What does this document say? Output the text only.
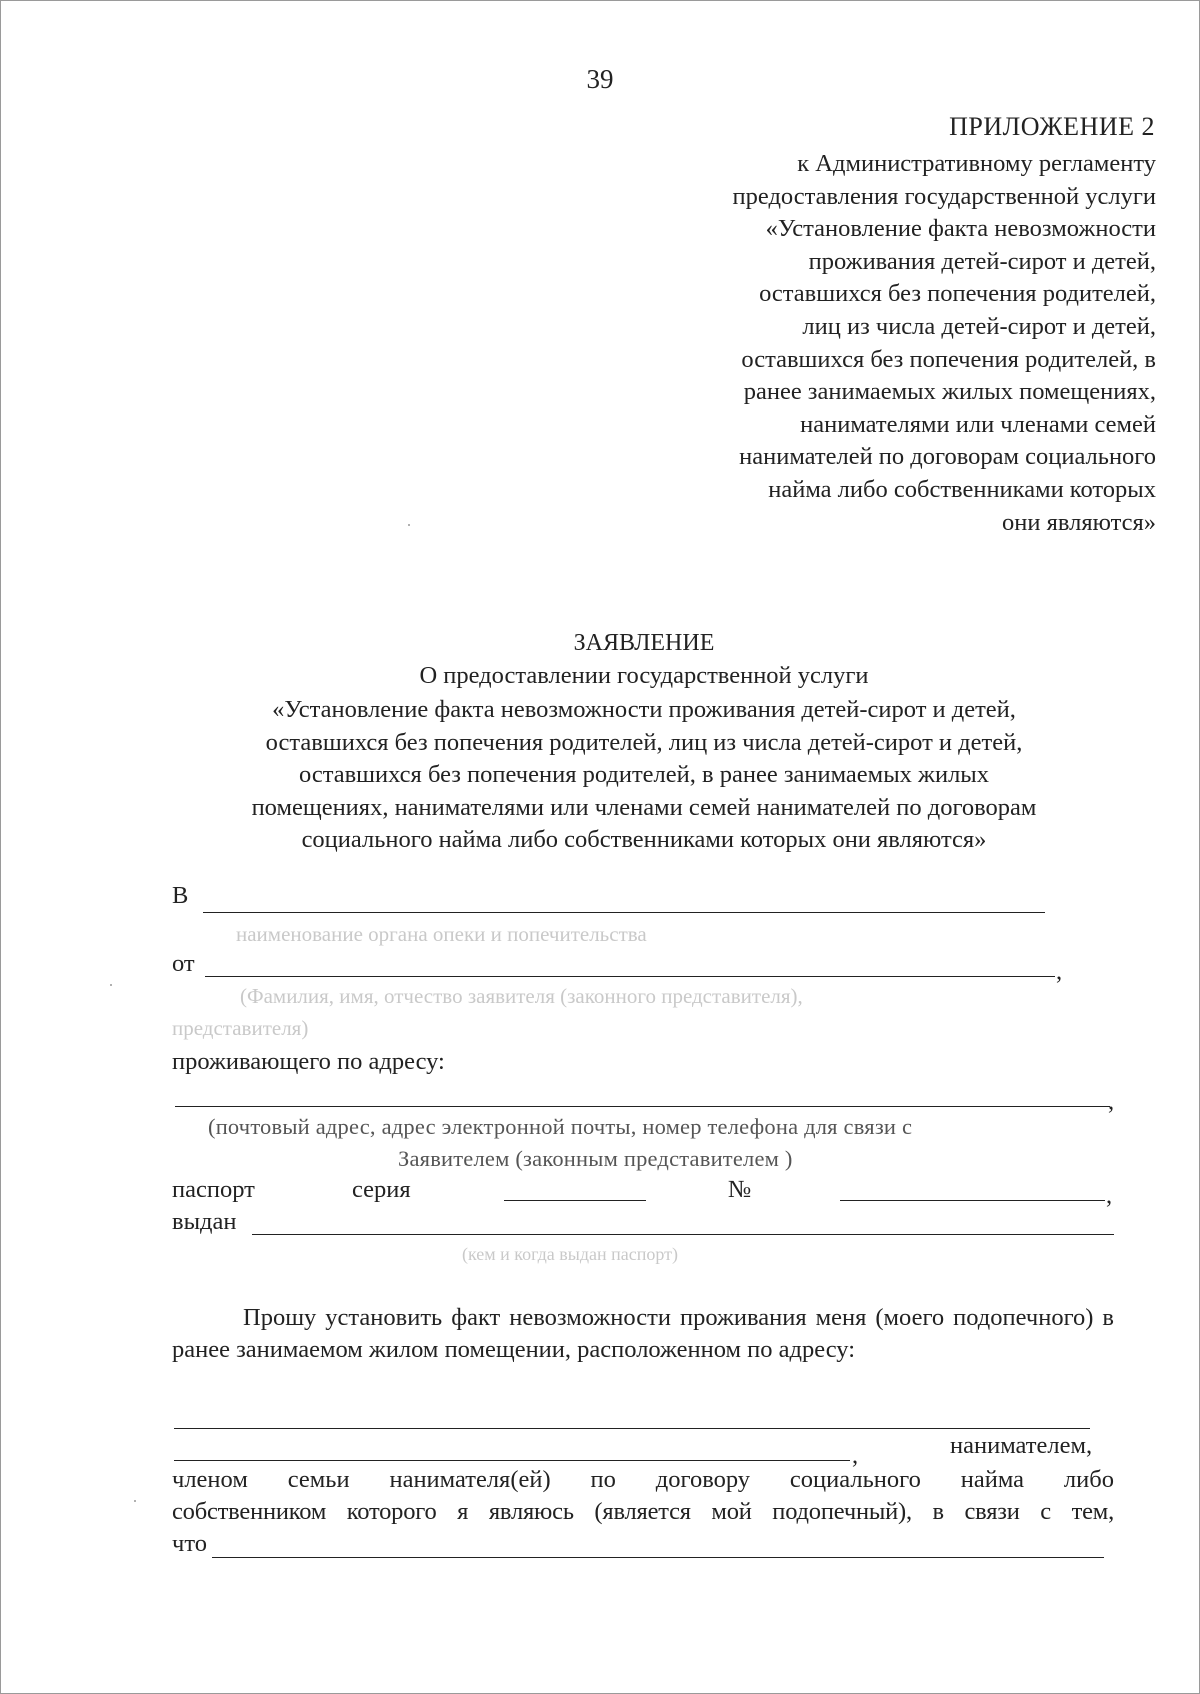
39
ПРИЛОЖЕНИЕ 2
к Административному регламенту
предоставления государственной услуги
«Установление факта невозможности
проживания детей-сирот и детей,
оставшихся без попечения родителей,
лиц из числа детей-сирот и детей,
оставшихся без попечения родителей, в
ранее занимаемых жилых помещениях,
нанимателями или членами семей
нанимателей по договорам социального
найма либо собственниками которых
они являются»
ЗАЯВЛЕНИЕ
О предоставлении государственной услуги
«Установление факта невозможности проживания детей-сирот и детей,
оставшихся без попечения родителей, лиц из числа детей-сирот и детей,
оставшихся без попечения родителей, в ранее занимаемых жилых
помещениях, нанимателями или членами семей нанимателей по договорам
социального найма либо собственниками которых они являются»
В
наименование органа опеки и попечительства
от	,
(Фамилия, имя, отчество заявителя (законного представителя),
представителя)
проживающего по адресу:
,
(почтовый адрес, адрес электронной почты, номер телефона для связи с
Заявителем (законным представителем )
паспорт	серия	№	,
выдан
(кем и когда выдан паспорт)
Прошу установить факт невозможности проживания меня (моего подопечного) в ранее занимаемом жилом помещении, расположенном по адресу:
,	нанимателем,
членом семьи нанимателя(ей) по договору социального найма либо
собственником которого я являюсь (является мой подопечный), в связи с тем,
что
